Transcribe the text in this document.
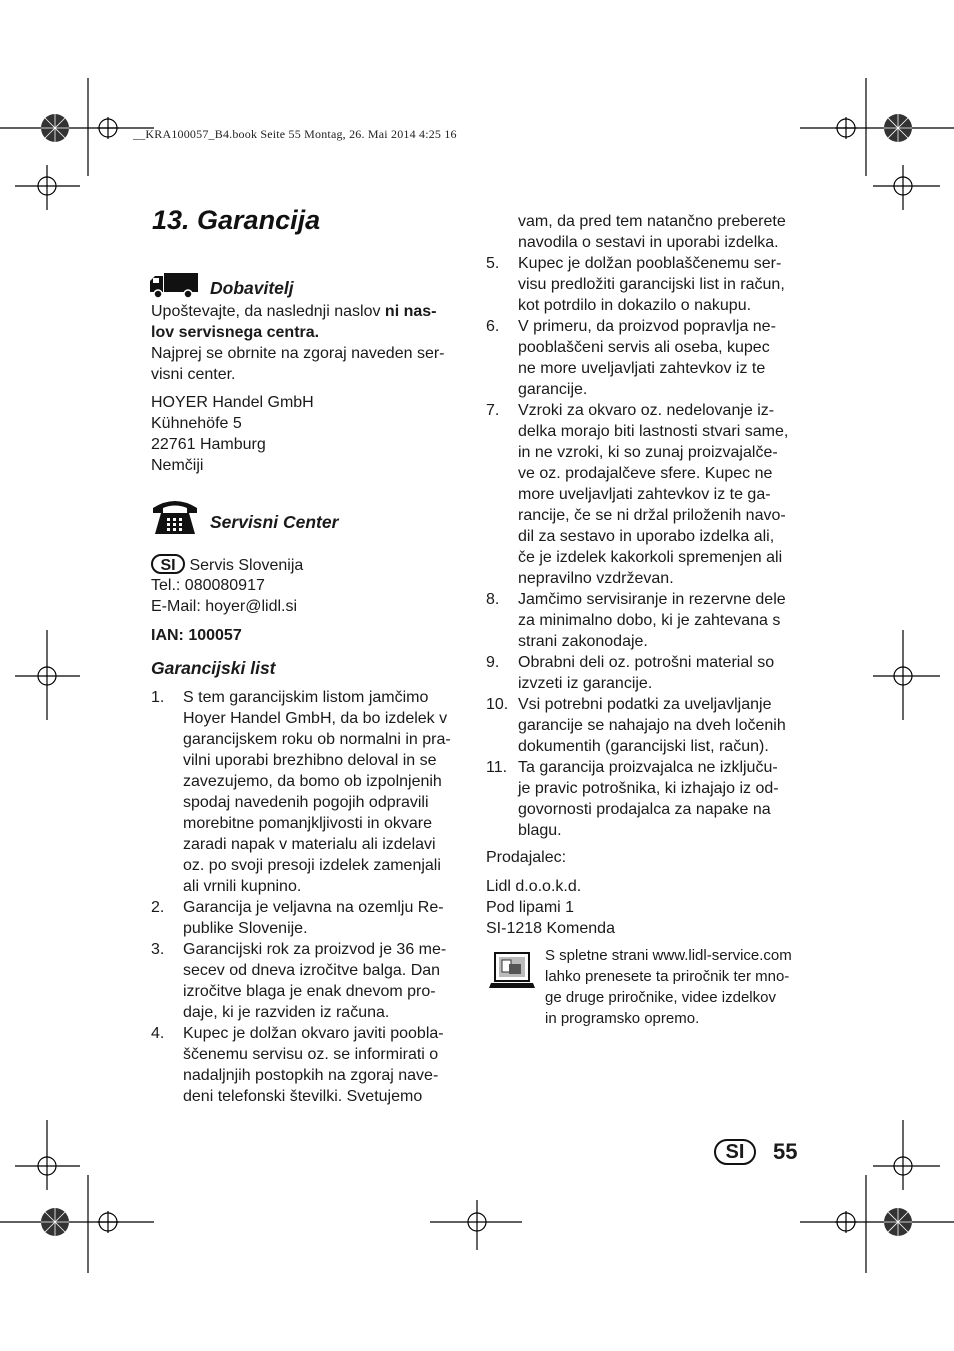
__KRA100057_B4.book Seite 55 Montag, 26. Mai 2014 4:25 16
13. Garancija
Dobavitelj
Upoštevajte, da naslednji naslov ni nas-
lov servisnega centra.
Najprej se obrnite na zgoraj naveden ser-
visni center.
HOYER Handel GmbH
Kühnehöfe 5
22761 Hamburg
Nemčiji
Servisni Center
SI Servis Slovenija
Tel.: 080080917
E-Mail: hoyer@lidl.si
IAN: 100057
Garancijski list
1. S tem garancijskim listom jamčimo
Hoyer Handel GmbH, da bo izdelek v
garancijskem roku ob normalni in pra-
vilni uporabi brezhibno deloval in se
zavezujemo, da bomo ob izpolnjenih
spodaj navedenih pogojih odpravili
morebitne pomanjkljivosti in okvare
zaradi napak v materialu ali izdelavi
oz. po svoji presoji izdelek zamenjali
ali vrnili kupnino.
2. Garancija je veljavna na ozemlju Re-
publike Slovenije.
3. Garancijski rok za proizvod je 36 me-
secev od dneva izročitve balga. Dan
izročitve blaga je enak dnevom pro-
daje, ki je razviden iz računa.
4. Kupec je dolžan okvaro javiti poobla-
ščenemu servisu oz. se informirati o
nadaljnjih postopkih na zgoraj nave-
deni telefonski številki. Svetujemo
vam, da pred tem natančno preberete
navodila o sestavi in uporabi izdelka.
5. Kupec je dolžan pooblaščenemu ser-
visu predložiti garancijski list in račun,
kot potrdilo in dokazilo o nakupu.
6. V primeru, da proizvod popravlja ne-
pooblaščeni servis ali oseba, kupec
ne more uveljavljati zahtevkov iz te
garancije.
7. Vzroki za okvaro oz. nedelovanje iz-
delka morajo biti lastnosti stvari same,
in ne vzroki, ki so zunaj proizvajalče-
ve oz. prodajalčeve sfere. Kupec ne
more uveljavljati zahtevkov iz te ga-
rancije, če se ni držal priloženih navo-
dil za sestavo in uporabo izdelka ali,
če je izdelek kakorkoli spremenjen ali
nepravilno vzdrževan.
8. Jamčimo servisiranje in rezervne dele
za minimalno dobo, ki je zahtevana s
strani zakonodaje.
9. Obrabni deli oz. potrošni material so
izvzeti iz garancije.
10. Vsi potrebni podatki za uveljavljanje
garancije se nahajajo na dveh ločenih
dokumentih (garancijski list, račun).
11. Ta garancija proizvajalca ne izključu-
je pravic potrošnika, ki izhajajo iz od-
govornosti prodajalca za napake na
blagu.
Prodajalec:
Lidl d.o.o.k.d.
Pod lipami 1
SI-1218 Komenda
S spletne strani www.lidl-service.com
lahko prenesete ta priročnik ter mno-
ge druge priročnike, videe izdelkov
in programsko opremo.
SI	55
